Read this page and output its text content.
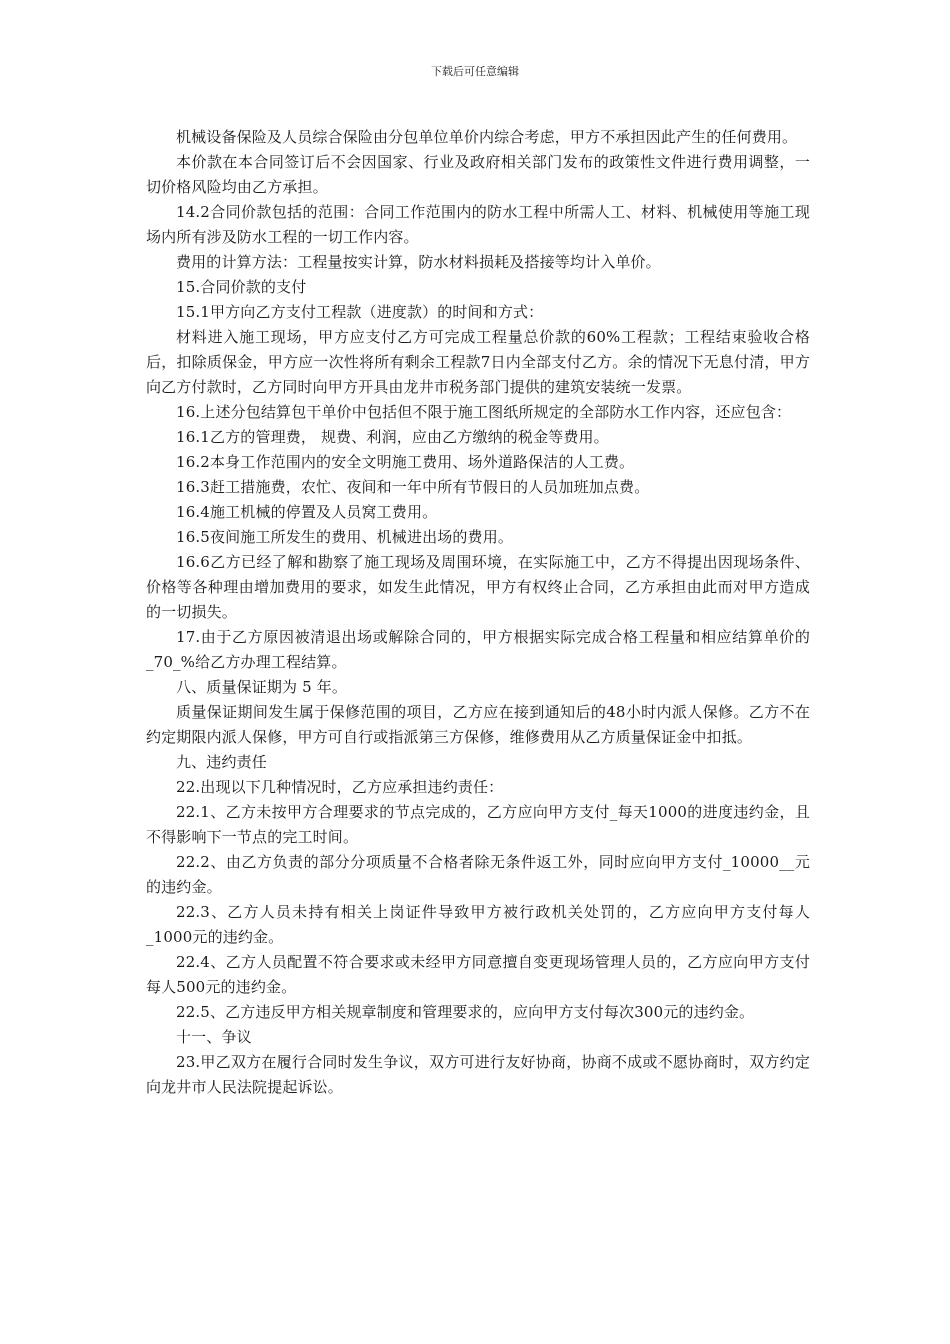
下载后可任意编辑

机械设备保险及人员综合保险由分包单位单价内综合考虑，甲方不承担因此产生的任何费用。

本价款在本合同签订后不会因国家、行业及政府相关部门发布的政策性文件进行费用调整，一切价格风险均由乙方承担。

14.2合同价款包括的范围：合同工作范围内的防水工程中所需人工、材料、机械使用等施工现场内所有涉及防水工程的一切工作内容。

费用的计算方法：工程量按实计算，防水材料损耗及搭接等均计入单价。

15.合同价款的支付

15.1甲方向乙方支付工程款（进度款）的时间和方式：

材料进入施工现场，甲方应支付乙方可完成工程量总价款的60%工程款；工程结束验收合格后，扣除质保金，甲方应一次性将所有剩余工程款7日内全部支付乙方。余的情况下无息付清，甲方向乙方付款时，乙方同时向甲方开具由龙井市税务部门提供的建筑安装统一发票。

16.上述分包结算包干单价中包括但不限于施工图纸所规定的全部防水工作内容，还应包含：

16.1乙方的管理费， 规费、利润，应由乙方缴纳的税金等费用。

16.2本身工作范围内的安全文明施工费用、场外道路保洁的人工费。

16.3赶工措施费，农忙、夜间和一年中所有节假日的人员加班加点费。

16.4施工机械的停置及人员窝工费用。

16.5夜间施工所发生的费用、机械进出场的费用。

16.6乙方已经了解和勘察了施工现场及周围环境，在实际施工中，乙方不得提出因现场条件、价格等各种理由增加费用的要求，如发生此情况，甲方有权终止合同，乙方承担由此而对甲方造成的一切损失。

17.由于乙方原因被清退出场或解除合同的，甲方根据实际完成合格工程量和相应结算单价的_70_%给乙方办理工程结算。

八、质量保证期为 5 年。

质量保证期间发生属于保修范围的项目，乙方应在接到通知后的48小时内派人保修。乙方不在约定期限内派人保修，甲方可自行或指派第三方保修，维修费用从乙方质量保证金中扣抵。

九、违约责任

22.出现以下几种情况时，乙方应承担违约责任：

22.1、乙方未按甲方合理要求的节点完成的，乙方应向甲方支付_每天1000的进度违约金，且不得影响下一节点的完工时间。

22.2、由乙方负责的部分分项质量不合格者除无条件返工外，同时应向甲方支付_10000__元的违约金。

22.3、乙方人员未持有相关上岗证件导致甲方被行政机关处罚的，乙方应向甲方支付每人_1000元的违约金。

22.4、乙方人员配置不符合要求或未经甲方同意擅自变更现场管理人员的，乙方应向甲方支付每人500元的违约金。

22.5、乙方违反甲方相关规章制度和管理要求的，应向甲方支付每次300元的违约金。

十一、争议

23.甲乙双方在履行合同时发生争议，双方可进行友好协商，协商不成或不愿协商时，双方约定向龙井市人民法院提起诉讼。
